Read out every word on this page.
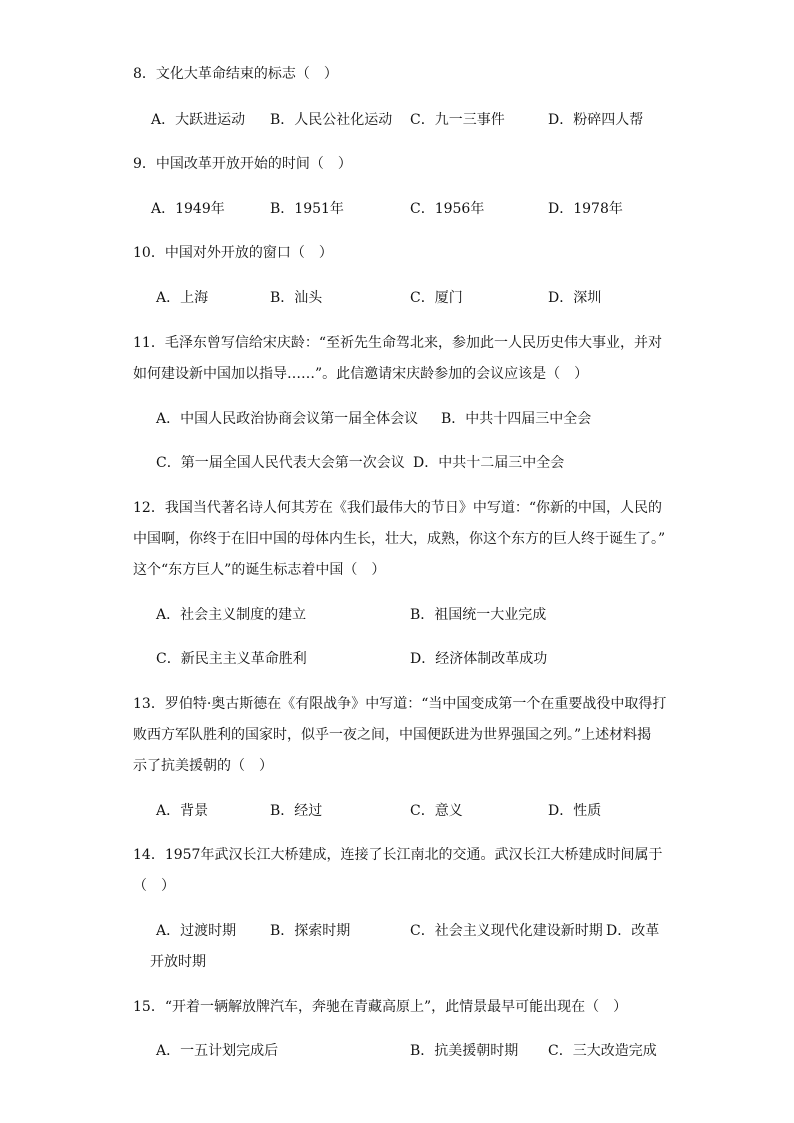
8．文化大革命结束的标志（　）
A．大跃进运动 B．人民公社化运动 C．九一三事件	D．粉碎四人帮
9．中国改革开放开始的时间（　）
A．1949年	B．1951年	C．1956年	D．1978年
10．中国对外开放的窗口（　）
A．上海	B．汕头	C．厦门	D．深圳
11．毛泽东曾写信给宋庆龄：“至祈先生命驾北来，参加此一人民历史伟大事业，并对
如何建设新中国加以指导……”。此信邀请宋庆龄参加的会议应该是（　）
A．中国人民政治协商会议第一届全体会议 B．中共十四届三中全会
C．第一届全国人民代表大会第一次会议 D．中共十二届三中全会
12．我国当代著名诗人何其芳在《我们最伟大的节日》中写道：“你新的中国，人民的
中国啊，你终于在旧中国的母体内生长，壮大，成熟，你这个东方的巨人终于诞生了。”
这个“东方巨人”的诞生标志着中国（　）
A．社会主义制度的建立	B．祖国统一大业完成
C．新民主主义革命胜利	D．经济体制改革成功
13．罗伯特·奥古斯德在《有限战争》中写道：“当中国变成第一个在重要战役中取得打
败西方军队胜利的国家时，似乎一夜之间，中国便跃进为世界强国之列。”上述材料揭
示了抗美援朝的（　）
A．背景	B．经过	C．意义	D．性质
14．1957年武汉长江大桥建成，连接了长江南北的交通。武汉长江大桥建成时间属于
（　）
A．过渡时期 B．探索时期	C．社会主义现代化建设新时期 D．改革
开放时期
15．“开着一辆解放牌汽车，奔驰在青藏高原上”，此情景最早可能出现在（　）
A．一五计划完成后	B．抗美援朝时期 C．三大改造完成
